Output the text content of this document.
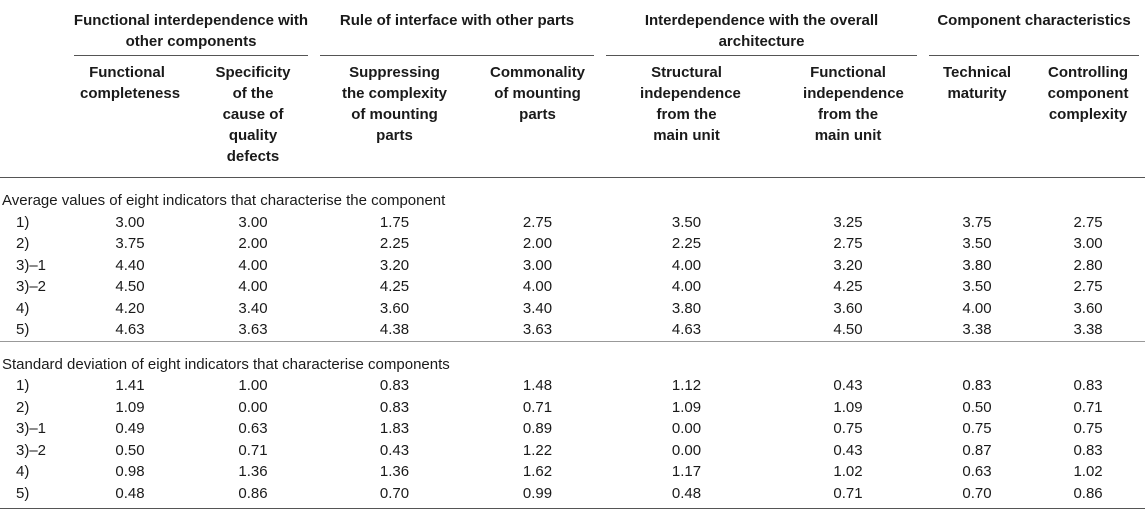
	Functional interdependence with other components		Rule of interface with other parts		Interdependence with the overall architecture		Component characteristics	
	Functional completeness	Specificity of the cause of quality defects	Suppressing the complexity of mounting parts	Commonality of mounting parts	Structural independence from the main unit	Functional independence from the main unit	Technical maturity	Controlling component complexity
Average values of eight indicators that characterise the component								
1)	3.00	3.00	1.75	2.75	3.50	3.25	3.75	2.75
2)	3.75	2.00	2.25	2.00	2.25	2.75	3.50	3.00
3)–1	4.40	4.00	3.20	3.00	4.00	3.20	3.80	2.80
3)–2	4.50	4.00	4.25	4.00	4.00	4.25	3.50	2.75
4)	4.20	3.40	3.60	3.40	3.80	3.60	4.00	3.60
5)	4.63	3.63	4.38	3.63	4.63	4.50	3.38	3.38
Standard deviation of eight indicators that characterise components								
1)	1.41	1.00	0.83	1.48	1.12	0.43	0.83	0.83
2)	1.09	0.00	0.83	0.71	1.09	1.09	0.50	0.71
3)–1	0.49	0.63	1.83	0.89	0.00	0.75	0.75	0.75
3)–2	0.50	0.71	0.43	1.22	0.00	0.43	0.87	0.83
4)	0.98	1.36	1.36	1.62	1.17	1.02	0.63	1.02
5)	0.48	0.86	0.70	0.99	0.48	0.71	0.70	0.86
